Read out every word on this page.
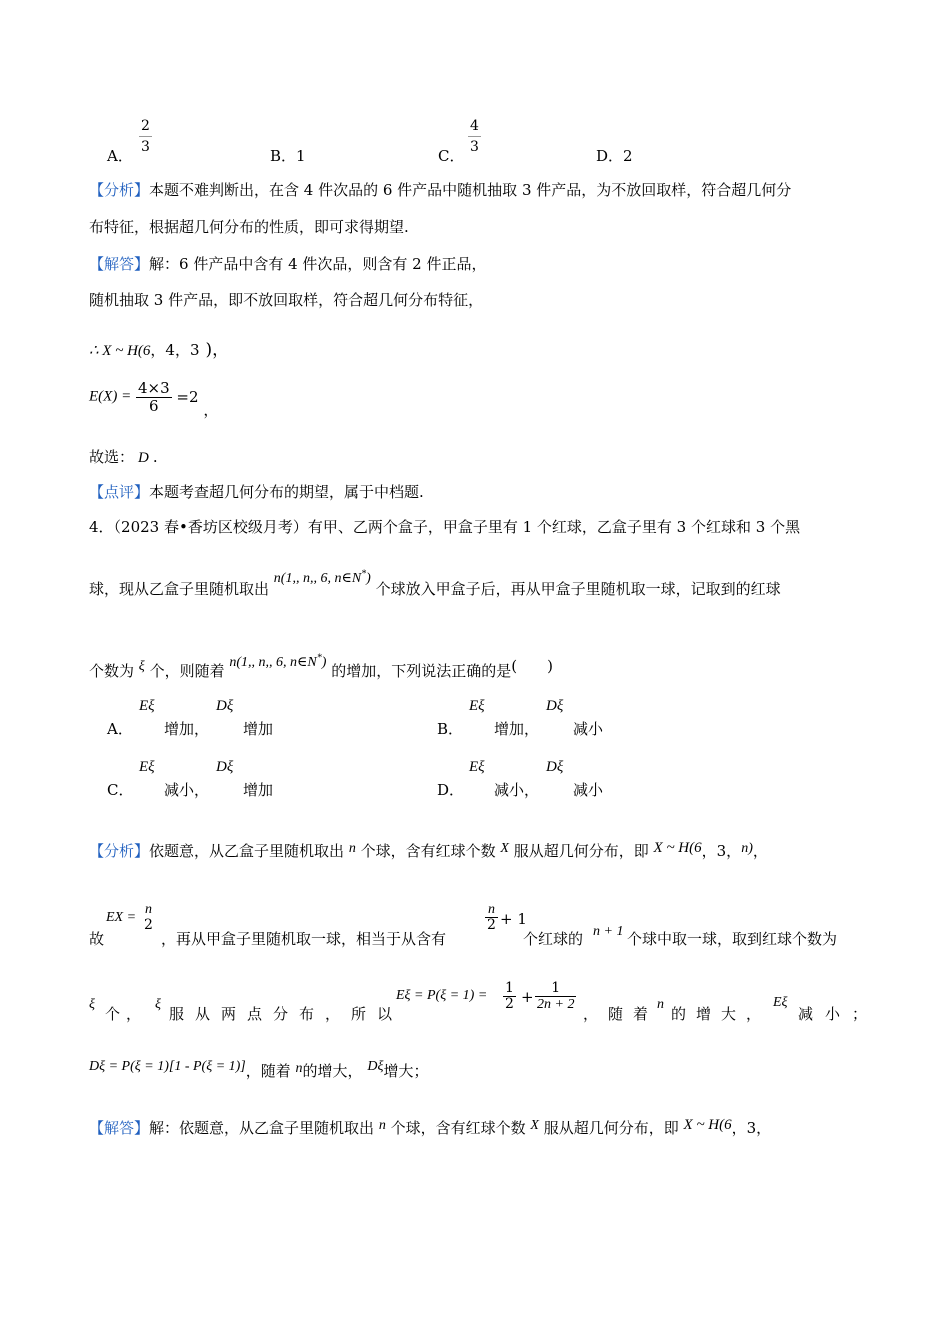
A． $\frac{2}{3}$	B．1	C． $\frac{4}{3}$	D．2
【分析】本题不难判断出，在含 4 件次品的 6 件产品中随机抽取 3 件产品，为不放回取样，符合超几何分
布特征，根据超几何分布的性质，即可求得期望.
【解答】解：6 件产品中含有 4 件次品，则含有 2 件正品，
随机抽取 3 件产品，即不放回取样，符合超几何分布特征，
∴ X ~ H(6，4，3 )，
$E(X) = \frac{4\times 3}{6} =2$ ，
故选： D .
【点评】本题考查超几何分布的期望，属于中档题.
4．（2023 春•香坊区校级月考）有甲、乙两个盒子，甲盒子里有 1 个红球，乙盒子里有 3 个红球和 3 个黑
球，现从乙盒子里随机取出 n(1,, n,, 6, n∈N*) 个球放入甲盒子后，再从甲盒子里随机取一球，记取到的红球
个数为 ξ 个，则随着 n(1,, n,, 6, n∈N*) 的增加，下列说法正确的是(　　)
A．
Eξ
增加，
Dξ
增加	B．
Eξ
增加，
Dξ
减小
C．
Eξ
减小，
Dξ
增加	D．
Eξ
减小，
Dξ
减小
【分析】依题意，从乙盒子里随机取出 n 个球，含有红球个数 X 服从超几何分布，即 X ~ H(6，3，n)，
故
EX = $\frac{n}{2}$
，再从甲盒子里随机取一球，相当于从含有
$\frac{n}{2} + 1$
个红球的 n + 1 个球中取一球，取到红球个数为
ξ
个，
ξ
服从两点分布，所以
$E\xi = P(\xi = 1) = \frac{1}{2} + \frac{1}{2n + 2}$
，随着
n
的增大，
Eξ
减小；
Dξ = P(ξ = 1)[1 - P(ξ = 1)]，随着 n的增大， Dξ增大；
【解答】解：依题意，从乙盒子里随机取出 n 个球，含有红球个数 X 服从超几何分布，即 X ~ H(6，3，
